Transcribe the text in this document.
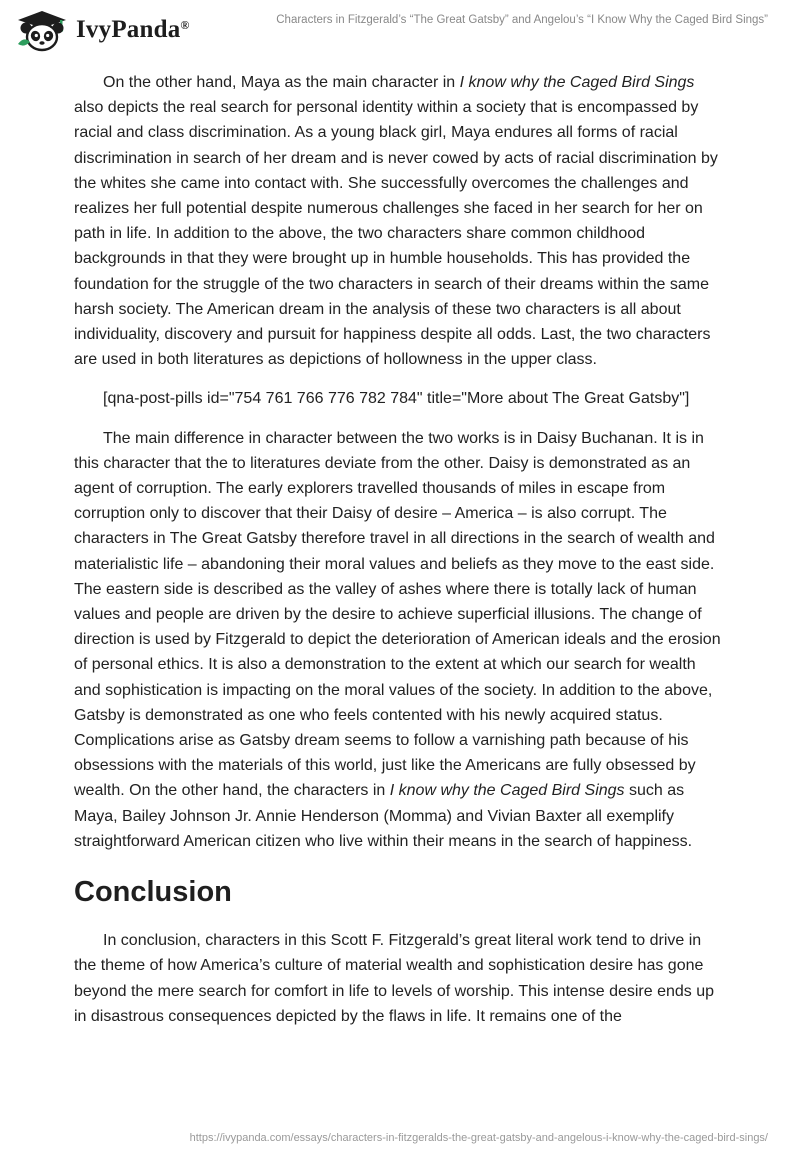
IvyPanda®	Characters in Fitzgerald’s “The Great Gatsby” and Angelou’s “I Know Why the Caged Bird Sings”

On the other hand, Maya as the main character in I know why the Caged Bird Sings also depicts the real search for personal identity within a society that is encompassed by racial and class discrimination. As a young black girl, Maya endures all forms of racial discrimination in search of her dream and is never cowed by acts of racial discrimination by the whites she came into contact with. She successfully overcomes the challenges and realizes her full potential despite numerous challenges she faced in her search for her on path in life. In addition to the above, the two characters share common childhood backgrounds in that they were brought up in humble households. This has provided the foundation for the struggle of the two characters in search of their dreams within the same harsh society. The American dream in the analysis of these two characters is all about individuality, discovery and pursuit for happiness despite all odds. Last, the two characters are used in both literatures as depictions of hollowness in the upper class.

[qna-post-pills id="754 761 766 776 782 784" title="More about The Great Gatsby"]

The main difference in character between the two works is in Daisy Buchanan. It is in this character that the to literatures deviate from the other. Daisy is demonstrated as an agent of corruption. The early explorers travelled thousands of miles in escape from corruption only to discover that their Daisy of desire – America – is also corrupt. The characters in The Great Gatsby therefore travel in all directions in the search of wealth and materialistic life – abandoning their moral values and beliefs as they move to the east side. The eastern side is described as the valley of ashes where there is totally lack of human values and people are driven by the desire to achieve superficial illusions. The change of direction is used by Fitzgerald to depict the deterioration of American ideals and the erosion of personal ethics. It is also a demonstration to the extent at which our search for wealth and sophistication is impacting on the moral values of the society. In addition to the above, Gatsby is demonstrated as one who feels contented with his newly acquired status. Complications arise as Gatsby dream seems to follow a varnishing path because of his obsessions with the materials of this world, just like the Americans are fully obsessed by wealth. On the other hand, the characters in I know why the Caged Bird Sings such as Maya, Bailey Johnson Jr. Annie Henderson (Momma) and Vivian Baxter all exemplify straightforward American citizen who live within their means in the search of happiness.

Conclusion

In conclusion, characters in this Scott F. Fitzgerald’s great literal work tend to drive in the theme of how America’s culture of material wealth and sophistication desire has gone beyond the mere search for comfort in life to levels of worship. This intense desire ends up in disastrous consequences depicted by the flaws in life. It remains one of the

https://ivypanda.com/essays/characters-in-fitzgeralds-the-great-gatsby-and-angelous-i-know-why-the-caged-bird-sings/
